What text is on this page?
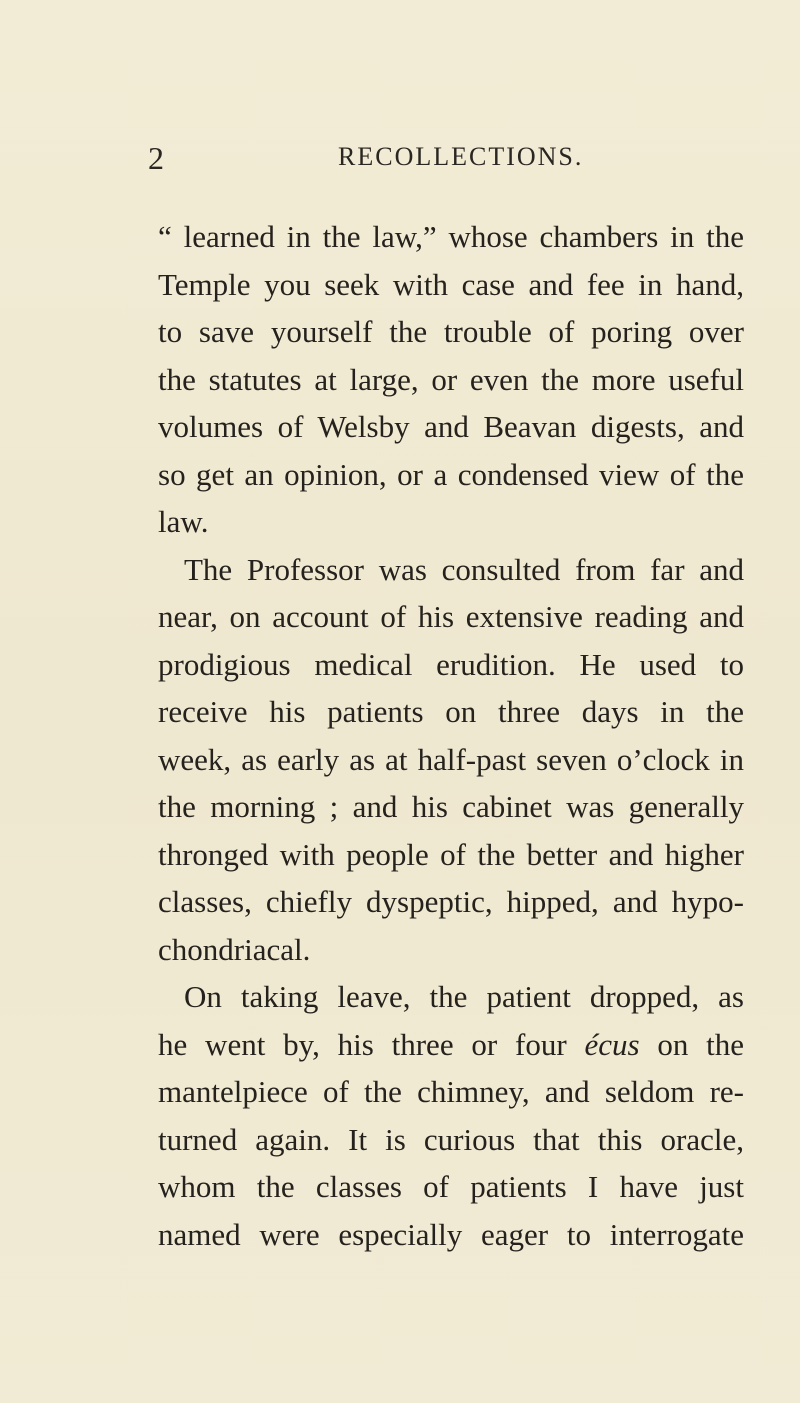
2	RECOLLECTIONS.
“ learned in the law,” whose chambers in the
Temple you seek with case and fee in hand,
to save yourself the trouble of poring over
the statutes at large, or even the more useful
volumes of Welsby and Beavan digests, and
so get an opinion, or a condensed view of the
law.
The Professor was consulted from far and
near, on account of his extensive reading and
prodigious medical erudition. He used to
receive his patients on three days in the
week, as early as at half-past seven o’clock in
the morning ; and his cabinet was generally
thronged with people of the better and higher
classes, chiefly dyspeptic, hipped, and hypo-
chondriacal.
On taking leave, the patient dropped, as
he went by, his three or four écus on the
mantelpiece of the chimney, and seldom re-
turned again. It is curious that this oracle,
whom the classes of patients I have just
named were especially eager to interrogate
